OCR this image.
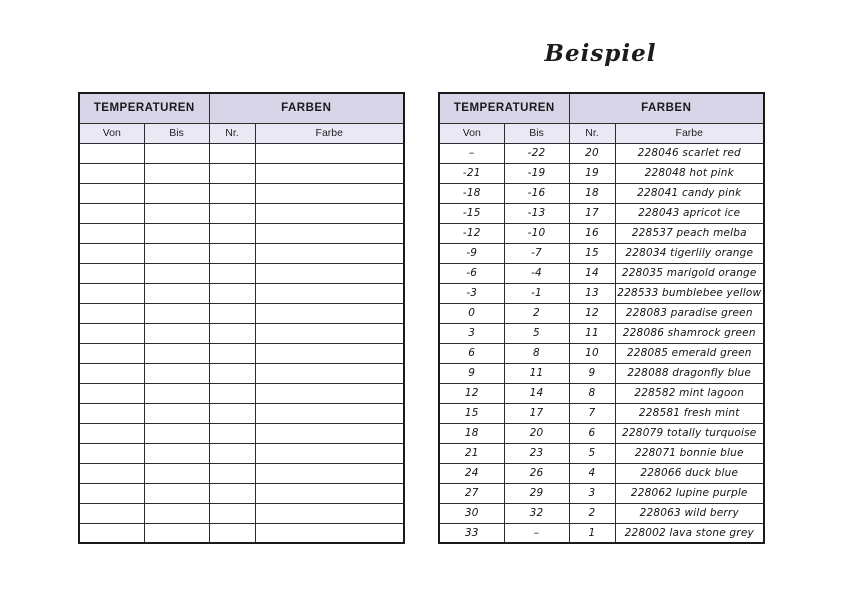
Beispiel
TEMPERATUREN		FARBEN	
Von	Bis	Nr.	Farbe

TEMPERATUREN		FARBEN	
Von	Bis	Nr.	Farbe
–	-22	20	228046 scarlet red
-21	-19	19	228048 hot pink
-18	-16	18	228041 candy pink
-15	-13	17	228043 apricot ice
-12	-10	16	228537 peach melba
-9	-7	15	228034 tigerlily orange
-6	-4	14	228035 marigold orange
-3	-1	13	228533 bumblebee yellow
0	2	12	228083 paradise green
3	5	11	228086 shamrock green
6	8	10	228085 emerald green
9	11	9	228088 dragonfly blue
12	14	8	228582 mint lagoon
15	17	7	228581 fresh mint
18	20	6	228079 totally turquoise
21	23	5	228071 bonnie blue
24	26	4	228066 duck blue
27	29	3	228062 lupine purple
30	32	2	228063 wild berry
33	–	1	228002 lava stone grey
